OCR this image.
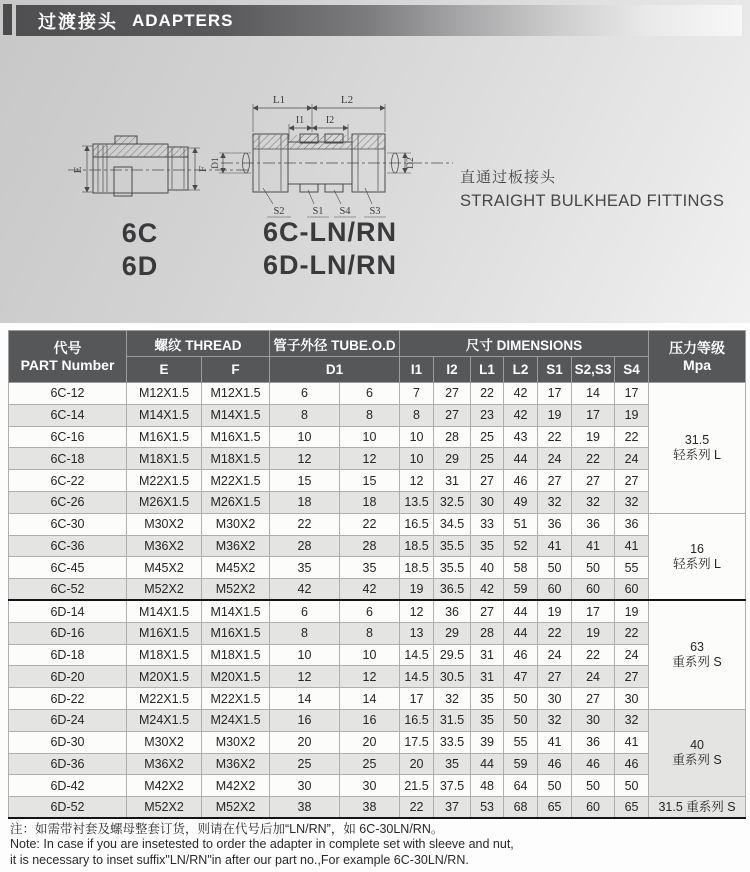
过渡接头 ADAPTERS
E	F
L1	L2
I1 I2
D1	D2
S2	S1 S4 S3
6C
6D
6C-LN/RN
6D-LN/RN
直通过板接头
STRAIGHT BULKHEAD FITTINGS
代号
PART Number
	螺纹 THREAD	管子外径 TUBE.O.D	尺寸 DIMENSIONS	压力等级
Mpa

	E	F	D1		I1	I2	L1	L2	S1	S2,S3	S4	
6C-12	M12X1.5	M12X1.5	6	6	7	27	22	42	17	14	17	31.5
轻系列 L

6C-14	M14X1.5	M14X1.5	8	8	8	27	23	42	19	17	19	
6C-16	M16X1.5	M16X1.5	10	10	10	28	25	43	22	19	22	
6C-18	M18X1.5	M18X1.5	12	12	10	29	25	44	24	22	24	
6C-22	M22X1.5	M22X1.5	15	15	12	31	27	46	27	27	27	
6C-26	M26X1.5	M26X1.5	18	18	13.5	32.5	30	49	32	32	32	
6C-30	M30X2	M30X2	22	22	16.5	34.5	33	51	36	36	36	16
轻系列 L

6C-36	M36X2	M36X2	28	28	18.5	35.5	35	52	41	41	41	
6C-45	M45X2	M45X2	35	35	18.5	35.5	40	58	50	50	55	
6C-52	M52X2	M52X2	42	42	19	36.5	42	59	60	60	60	
6D-14	M14X1.5	M14X1.5	6	6	12	36	27	44	19	17	19	63
重系列 S

6D-16	M16X1.5	M16X1.5	8	8	13	29	28	44	22	19	22	
6D-18	M18X1.5	M18X1.5	10	10	14.5	29.5	31	46	24	22	24	
6D-20	M20X1.5	M20X1.5	12	12	14.5	30.5	31	47	27	24	27	
6D-22	M22X1.5	M22X1.5	14	14	17	32	35	50	30	27	30	
6D-24	M24X1.5	M24X1.5	16	16	16.5	31.5	35	50	32	30	32	40
重系列 S

6D-30	M30X2	M30X2	20	20	17.5	33.5	39	55	41	36	41	
6D-36	M36X2	M36X2	25	25	20	35	44	59	46	46	46	
6D-42	M42X2	M42X2	30	30	21.5	37.5	48	64	50	50	50	
6D-52	M52X2	M52X2	38	38	22	37	53	68	65	60	65	31.5 重系列 S
注：如需带衬套及螺母整套订货，则请在代号后加“LN/RN”，如 6C-30LN/RN。
Note: In case if you are insetested to order the adapter in complete set with sleeve and nut,
it is necessary to inset suffix"LN/RN"in after our part no.,For example 6C-30LN/RN.
